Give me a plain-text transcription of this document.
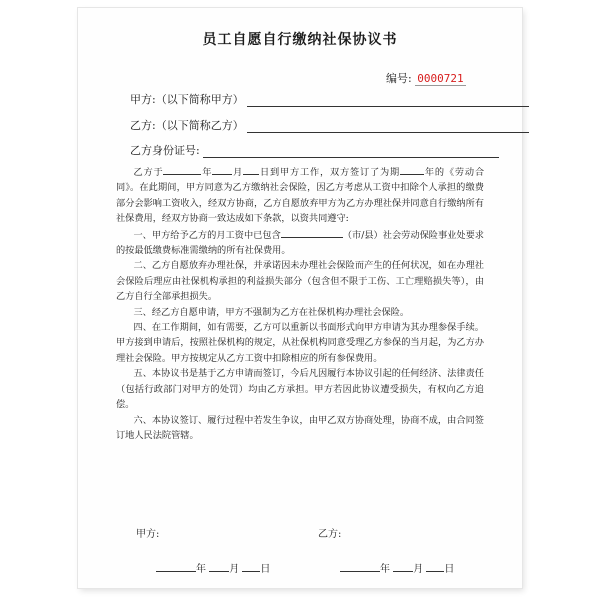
员工自愿自行缴纳社保协议书
编号: 0000721
甲方:（以下简称甲方）
乙方:（以下简称乙方）
乙方身份证号:

乙方于	年 月 日到甲方工作，双方签订了为期	年的《劳动合同》。在此期间，甲方同意为乙方缴纳社会保险，因乙方考虑从工资中扣除个人承担的缴费部分会影响工资收入，经双方协商，乙方自愿放弃甲方为乙方办理社保并同意自行缴纳所有社保费用，经双方协商一致达成如下条款，以资共同遵守:

一、甲方给予乙方的月工资中已包含	（市/县）社会劳动保险事业处要求的按最低缴费标准需缴纳的所有社保费用。

二、乙方自愿放弃办理社保，并承诺因未办理社会保险而产生的任何状况，如在办理社会保险后理应由社保机构承担的利益损失部分（包含但不限于工伤、工亡理赔损失等），由乙方自行全部承担损失。

三、经乙方自愿申请，甲方不强制为乙方在社保机构办理社会保险。

四、在工作期间，如有需要，乙方可以重新以书面形式向甲方申请为其办理参保手续。甲方接到申请后，按照社保机构的规定，从社保机构同意受理乙方参保的当月起，为乙方办理社会保险。甲方按规定从乙方工资中扣除相应的所有参保费用。

五、本协议书是基于乙方申请而签订，今后凡因履行本协议引起的任何经济、法律责任（包括行政部门对甲方的处罚）均由乙方承担。甲方若因此协议遭受损失，有权向乙方追偿。

六、本协议签订、履行过程中若发生争议，由甲乙双方协商处理，协商不成，由合同签订地人民法院管辖。

甲方:	乙方:
年 月 日	年 月 日
